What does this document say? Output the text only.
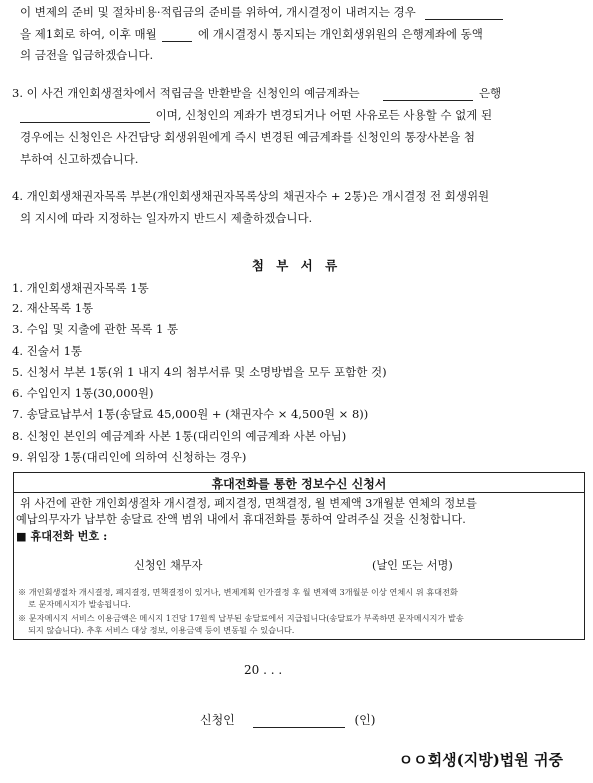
이 변제의 준비 및 절차비용·적립금의 준비를 위하여, 개시결정이 내려지는 경우
을 제1회로 하여, 이후 매월	에 개시결정시 통지되는 개인회생위원의 은행계좌에 동액
의 금전을 입금하겠습니다.
3. 이 사건 개인회생절차에서 적립금을 반환받을 신청인의 예금계좌는	은행
이며, 신청인의 계좌가 변경되거나 어떤 사유로든 사용할 수 없게 된
경우에는 신청인은 사건담당 회생위원에게 즉시 변경된 예금계좌를 신청인의 통장사본을 첨
부하여 신고하겠습니다.
4. 개인회생채권자목록 부본(개인회생채권자목록상의 채권자수 + 2통)은 개시결정 전 회생위원
의 지시에 따라 지정하는 일자까지 반드시 제출하겠습니다.
첨 부 서 류
1. 개인회생채권자목록 1통
2. 재산목록 1통
3. 수입 및 지출에 관한 목록 1 통
4. 진술서 1통
5. 신청서 부본 1통(위 1 내지 4의 첨부서류 및 소명방법을 모두 포함한 것)
6. 수입인지 1통(30,000원)
7. 송달료납부서 1통(송달료 45,000원 + (채권자수 × 4,500원 × 8))
8. 신청인 본인의 예금계좌 사본 1통(대리인의 예금계좌 사본 아님)
9. 위임장 1통(대리인에 의하여 신청하는 경우)
휴대전화를 통한 정보수신 신청서
위 사건에 관한 개인회생절차 개시결정, 폐지결정, 면책결정, 월 변제액 3개월분 연체의 정보를
예납의무자가 납부한 송달료 잔액 범위 내에서 휴대전화를 통하여 알려주실 것을 신청합니다.
■ 휴대전화 번호 :
신청인 채무자	(날인 또는 서명)
※ 개인회생절차 개시결정, 폐지결정, 면책결정이 있거나, 변제계획 인가결정 후 월 변제액 3개월분 이상 연체시 위 휴대전화
로 문자메시지가 발송됩니다.
※ 문자메시지 서비스 이용금액은 메시지 1건당 17원씩 납부된 송달료에서 지급됩니다(송달료가 부족하면 문자메시지가 발송
되지 않습니다). 추후 서비스 대상 정보, 이용금액 등이 변동될 수 있습니다.
20 . . .
신청인	(인)
ㅇㅇ회생(지방)법원 귀중
